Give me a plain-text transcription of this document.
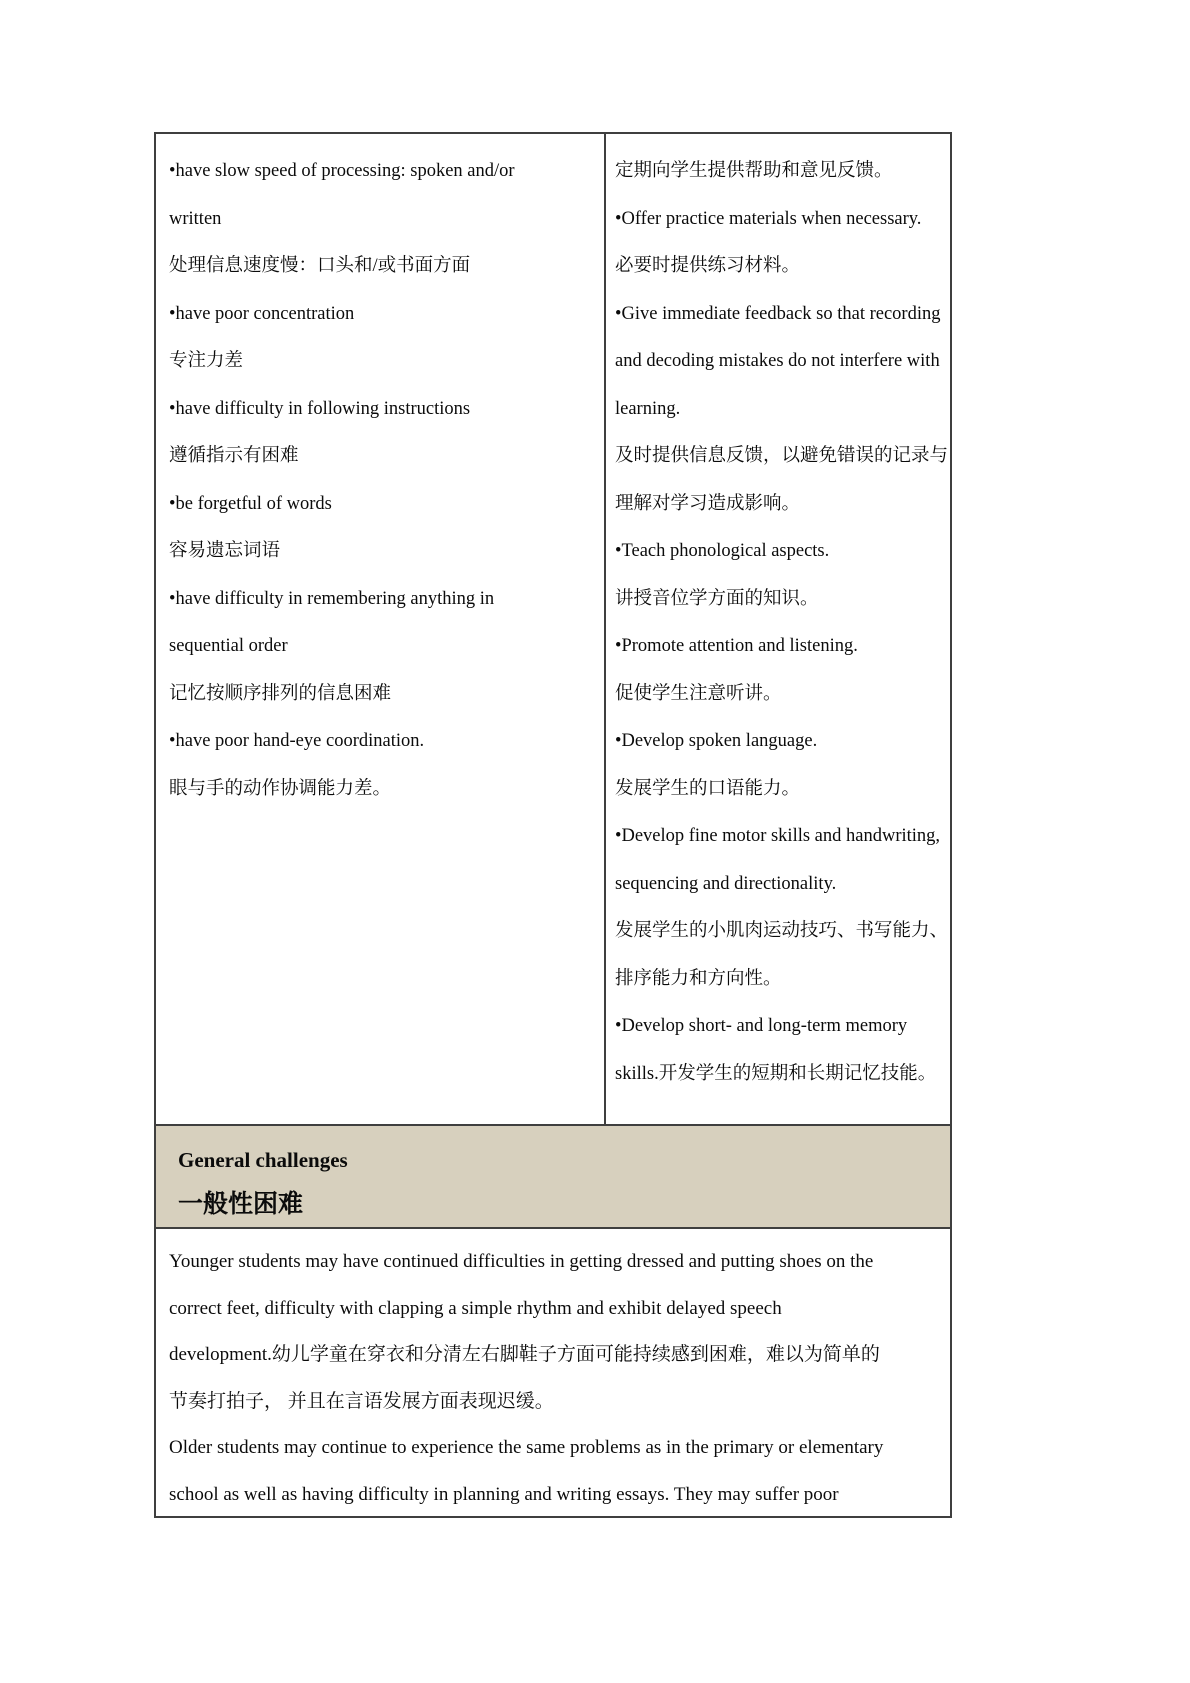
•have slow speed of processing: spoken and/or
written
处理信息速度慢：口头和/或书面方面
•have poor concentration
专注力差
•have difficulty in following instructions
遵循指示有困难
•be forgetful of words
容易遗忘词语
•have difficulty in remembering anything in
sequential order
记忆按顺序排列的信息困难
•have poor hand-eye coordination.
眼与手的动作协调能力差。
定期向学生提供帮助和意见反馈。
•Offer practice materials when necessary.
必要时提供练习材料。
•Give immediate feedback so that recording
and decoding mistakes do not interfere with
learning.
及时提供信息反馈，以避免错误的记录与
理解对学习造成影响。
•Teach phonological aspects.
讲授音位学方面的知识。
•Promote attention and listening.
促使学生注意听讲。
•Develop spoken language.
发展学生的口语能力。
•Develop fine motor skills and handwriting,
sequencing and directionality.
发展学生的小肌肉运动技巧、书写能力、
排序能力和方向性。
•Develop short- and long-term memory
skills.开发学生的短期和长期记忆技能。
General challenges
一般性困难
Younger students may have continued difficulties in getting dressed and putting shoes on the
correct feet, difficulty with clapping a simple rhythm and exhibit delayed speech
development.幼儿学童在穿衣和分清左右脚鞋子方面可能持续感到困难，难以为简单的
节奏打拍子， 并且在言语发展方面表现迟缓。
Older students may continue to experience the same problems as in the primary or elementary
school as well as having difficulty in planning and writing essays. They may suffer poor
